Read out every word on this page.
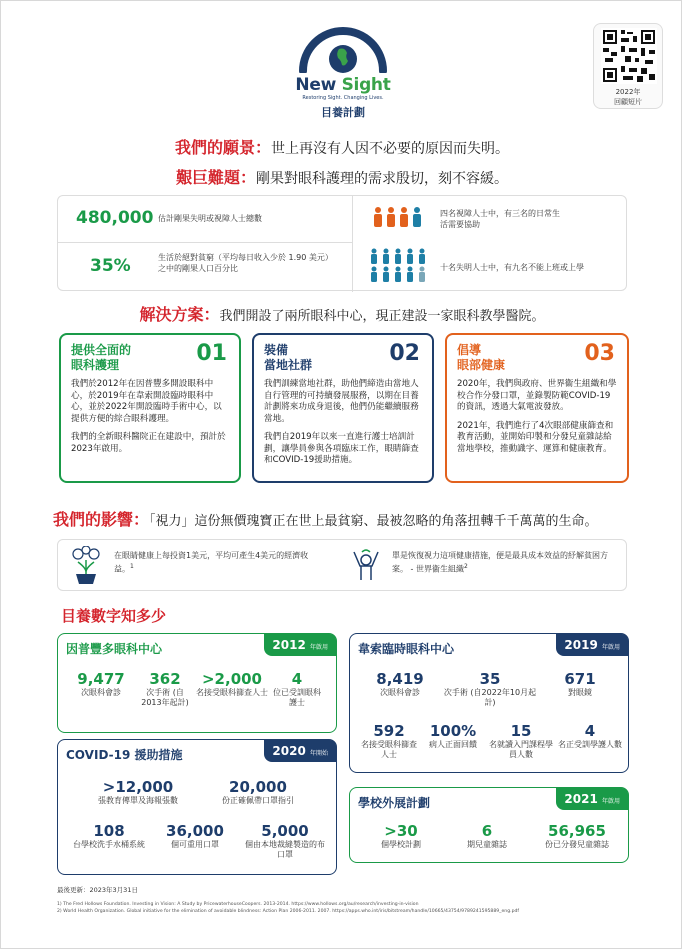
New Sight
Restoring Sight. Changing Lives.
目養計劃
2022年
回顧短片
我們的願景：世上再沒有人因不必要的原因而失明。
艱巨難題：剛果對眼科護理的需求殷切，刻不容緩。
480,000 估計剛果失明或視障人士總數
35%	生活於絕對貧窮（平均每日收入少於 1.90 美元）之中的剛果人口百分比
四名視障人士中，有三名的日常生活需要協助
十名失明人士中，有九名不能上班或上學
解決方案：我們開設了兩所眼科中心，現正建設一家眼科教學醫院。
提供全面的
眼科護理	01

我們於2012年在因普豐多開設眼科中心，於2019年在韋索開設臨時眼科中心，並於2022年開設臨時手術中心，以提供方便的綜合眼科護理。

我們的全新眼科醫院正在建設中，預計於2023年啟用。

裝備
當地社群	02

我們訓練當地社群，助他們締造由當地人自行管理的可持續發展服務，以期在目養計劃將來功成身退後，他們仍能繼續服務當地。

我們自2019年以來一直進行護士培訓計劃，讓學員參與各項臨床工作，眼睛篩查和COVID-19援助措施。

倡導
眼部健康	03

2020年，我們與政府、世界衞生組織和學校合作分發口罩，並錄製防範COVID-19的資訊，透過大氣電波發放。

2021年，我們進行了4次眼部健康篩查和教育活動，並開始印製和分發兒童雜誌給當地學校，推動識字、運算和健康教育。

我們的影響：「視力」這份無價瑰寶正在世上最貧窮、最被忽略的角落扭轉千千萬萬的生命。
在眼睛健康上每投資1美元，平均可產生4美元的經濟收益。$^1$
單是恢復視力這項健康措施，便是最具成本效益的紓解貧困方案。 - 世界衞生組織$^2$
目養數字知多少
因普豐多眼科中心	2012 年啟用
9,477
次眼科會診
362
次手術 (自2013年起計)
>2,000
名接受眼科篩查人士
4
位已受訓眼科護士
COVID-19 援助措施	2020 年開始
>12,000
張教育傳單及海報張數
20,000
份正確佩帶口罩指引
108
台學校洗手水桶系統
36,000
個可重用口罩
5,000
個由本地裁縫製造的布口罩
韋索臨時眼科中心	2019 年啟用
8,419
次眼科會診
35
次手術 (自2022年10月起計)
671
對眼鏡
592
名接受眼科篩查人士
100%
病人正面回饋
15
名就讀入門課程學員人數
4
名正受訓學護人數
學校外展計劃	2021 年啟用
>30
個學校計劃
6
期兒童雜誌
56,965
份已分發兒童雜誌
最後更新：2023年3月31日
1) The Fred Hollows Foundation. Investing in Vision: A Study by PricewaterhouseCoopers. 2013-2014. https://www.hollows.org/au/research/investing-in-vision
2) World Health Organization. Global initiative for the elimination of avoidable blindness: Action Plan 2006-2011. 2007. https://apps.who.int/iris/bitstream/handle/10665/43754/9789241595889_eng.pdf
